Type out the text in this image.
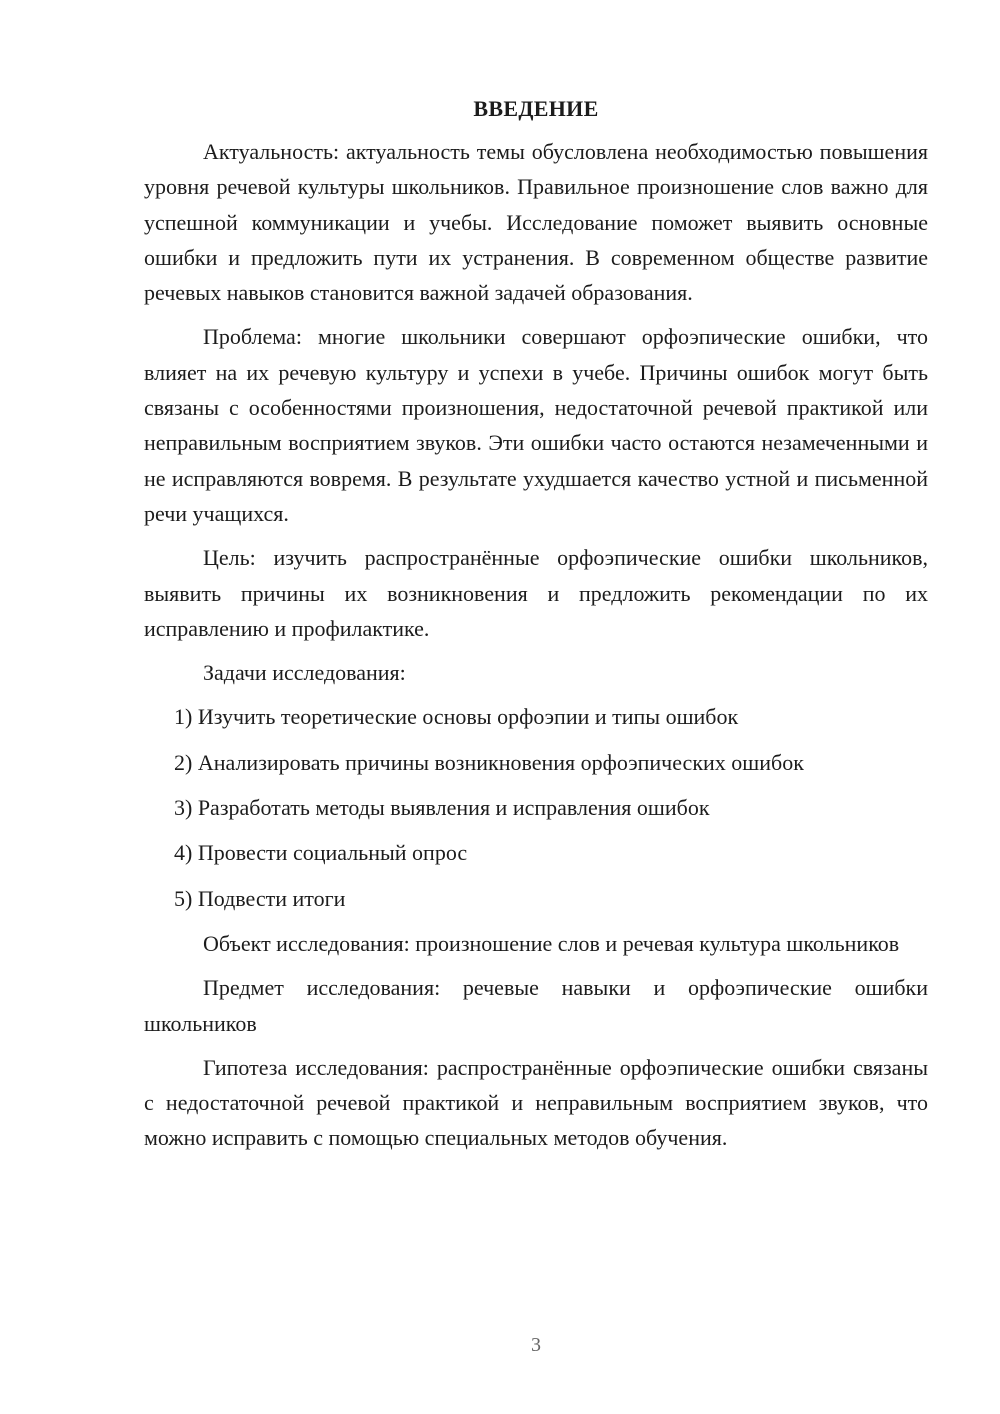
ВВЕДЕНИЕ

Актуальность: актуальность темы обусловлена необходимостью повышения уровня речевой культуры школьников. Правильное произношение слов важно для успешной коммуникации и учебы. Исследование поможет выявить основные ошибки и предложить пути их устранения. В современном обществе развитие речевых навыков становится важной задачей образования.

Проблема: многие школьники совершают орфоэпические ошибки, что влияет на их речевую культуру и успехи в учебе. Причины ошибок могут быть связаны с особенностями произношения, недостаточной речевой практикой или неправильным восприятием звуков. Эти ошибки часто остаются незамеченными и не исправляются вовремя. В результате ухудшается качество устной и письменной речи учащихся.

Цель: изучить распространённые орфоэпические ошибки школьников, выявить причины их возникновения и предложить рекомендации по их исправлению и профилактике.

Задачи исследования:

1) Изучить теоретические основы орфоэпии и типы ошибок
2) Анализировать причины возникновения орфоэпических ошибок
3) Разработать методы выявления и исправления ошибок
4) Провести социальный опрос
5) Подвести итоги

Объект исследования: произношение слов и речевая культура школьников

Предмет исследования: речевые навыки и орфоэпические ошибки школьников

Гипотеза исследования: распространённые орфоэпические ошибки связаны с недостаточной речевой практикой и неправильным восприятием звуков, что можно исправить с помощью специальных методов обучения.

3
